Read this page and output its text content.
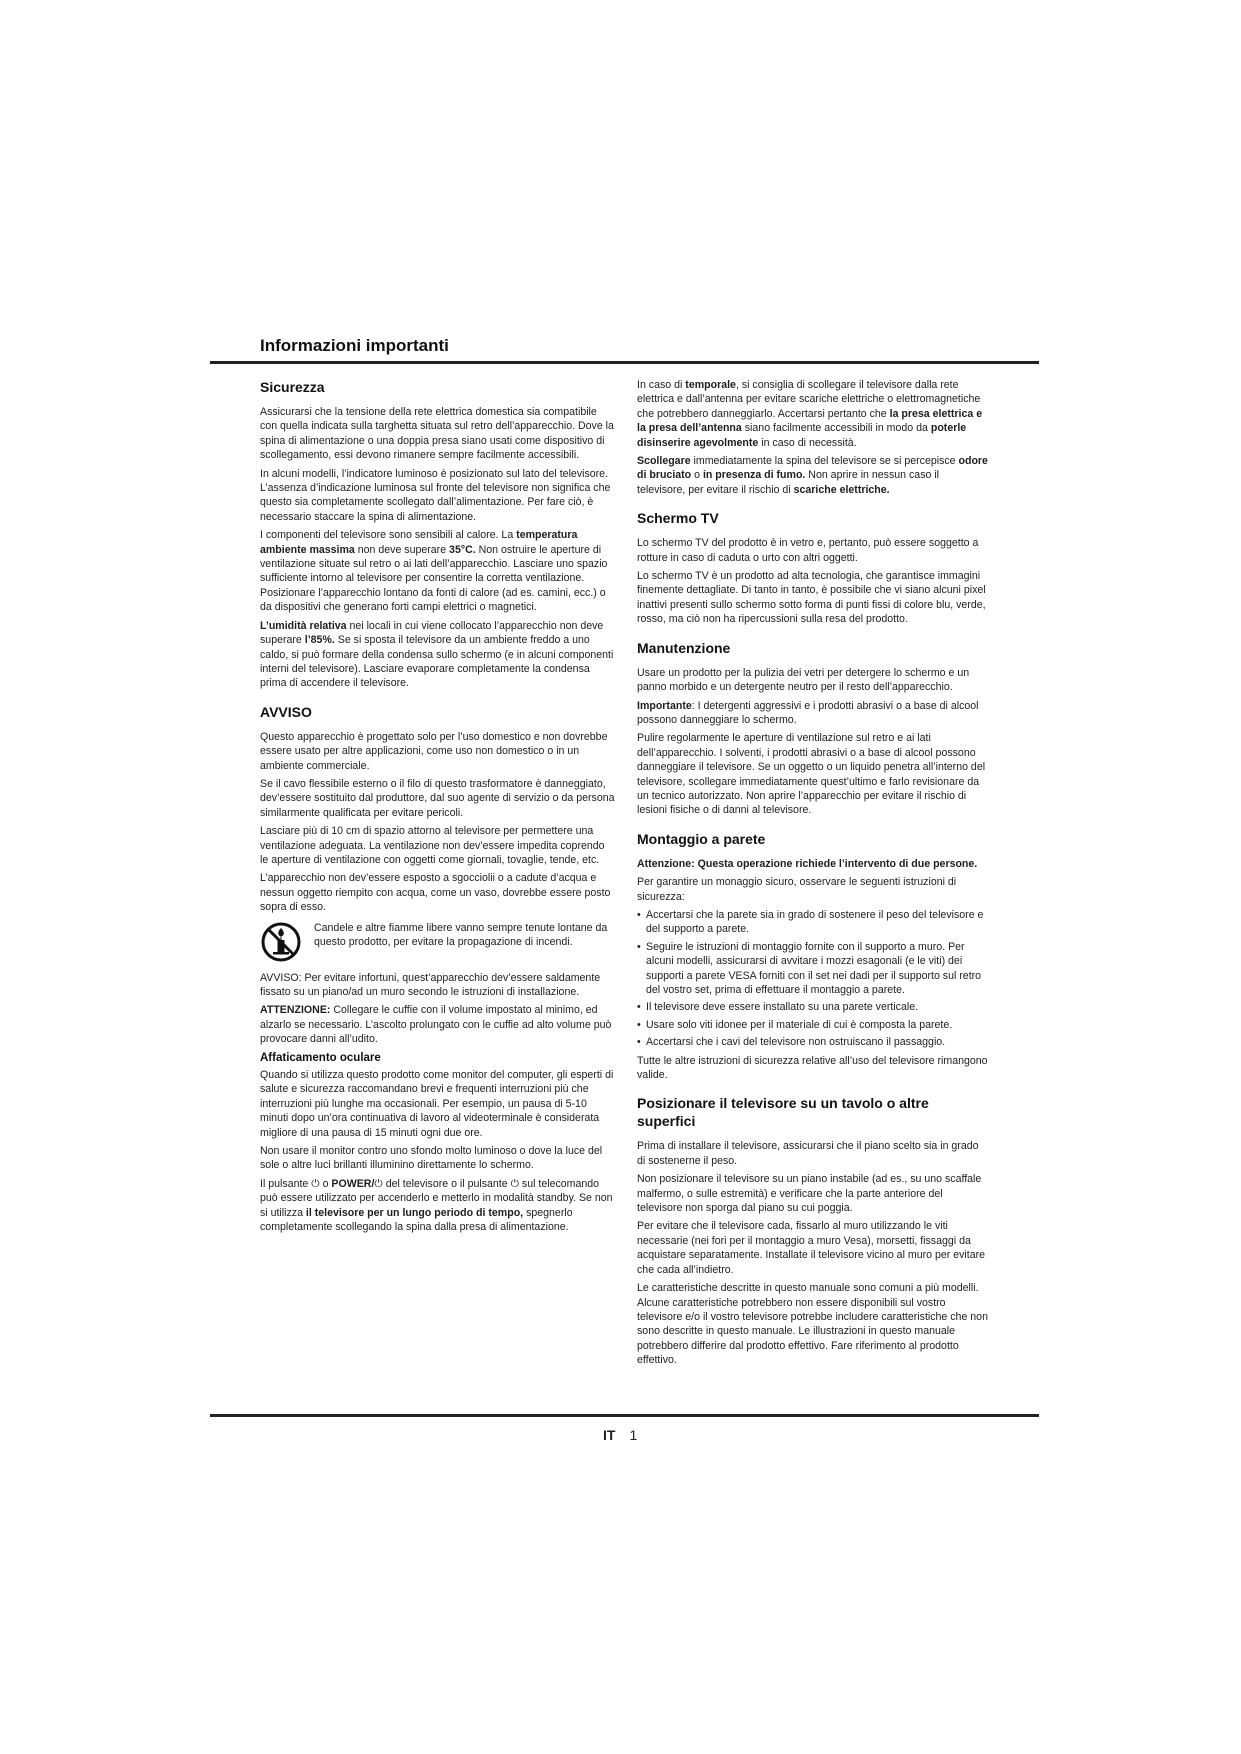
Informazioni importanti
Sicurezza

Assicurarsi che la tensione della rete elettrica domestica sia compatibile con quella indicata sulla targhetta situata sul retro dell’apparecchio. Dove la spina di alimentazione o una doppia presa siano usati come dispositivo di scollegamento, essi devono rimanere sempre facilmente accessibili.

In alcuni modelli, l’indicatore luminoso è posizionato sul lato del televisore. L’assenza d’indicazione luminosa sul fronte del televisore non significa che questo sia completamente scollegato dall’alimentazione. Per fare ciò, è necessario staccare la spina di alimentazione.

I componenti del televisore sono sensibili al calore. La temperatura ambiente massima non deve superare 35°C. Non ostruire le aperture di ventilazione situate sul retro o ai lati dell’apparecchio. Lasciare uno spazio sufficiente intorno al televisore per consentire la corretta ventilazione. Posizionare l’apparecchio lontano da fonti di calore (ad es. camini, ecc.) o da dispositivi che generano forti campi elettrici o magnetici.

L’umidità relativa nei locali in cui viene collocato l’apparecchio non deve superare l’85%. Se si sposta il televisore da un ambiente freddo a uno caldo, si può formare della condensa sullo schermo (e in alcuni componenti interni del televisore). Lasciare evaporare completamente la condensa prima di accendere il televisore.

AVVISO

Questo apparecchio è progettato solo per l’uso domestico e non dovrebbe essere usato per altre applicazioni, come uso non domestico o in un ambiente commerciale.

Se il cavo flessibile esterno o il filo di questo trasformatore è danneggiato, dev’essere sostituito dal produttore, dal suo agente di servizio o da persona similarmente qualificata per evitare pericoli.

Lasciare più di 10 cm di spazio attorno al televisore per permettere una ventilazione adeguata. La ventilazione non dev’essere impedita coprendo le aperture di ventilazione con oggetti come giornali, tovaglie, tende, etc.

L’apparecchio non dev’essere esposto a sgocciolii o a cadute d’acqua e nessun oggetto riempito con acqua, come un vaso, dovrebbe essere posto sopra di esso.

Candele e altre fiamme libere vanno sempre tenute lontane da questo prodotto, per evitare la propagazione di incendi.

AVVISO: Per evitare infortuni, quest’apparecchio dev’essere saldamente fissato su un piano/ad un muro secondo le istruzioni di installazione.

ATTENZIONE: Collegare le cuffie con il volume impostato al minimo, ed alzarlo se necessario. L’ascolto prolungato con le cuffie ad alto volume può provocare danni all’udito.

Affaticamento oculare

Quando si utilizza questo prodotto come monitor del computer, gli esperti di salute e sicurezza raccomandano brevi e frequenti interruzioni più che interruzioni più lunghe ma occasionali. Per esempio, un pausa di 5-10 minuti dopo un’ora continuativa di lavoro al videoterminale è considerata migliore di una pausa di 15 minuti ogni due ore.

Non usare il monitor contro uno sfondo molto luminoso o dove la luce del sole o altre luci brillanti illuminino direttamente lo schermo.

Il pulsante ⏻ o POWER/⏻ del televisore o il pulsante ⏻ sul telecomando può essere utilizzato per accenderlo e metterlo in modalità standby. Se non si utilizza il televisore per un lungo periodo di tempo, spegnerlo completamente scollegando la spina dalla presa di alimentazione.

In caso di temporale, si consiglia di scollegare il televisore dalla rete elettrica e dall’antenna per evitare scariche elettriche o elettromagnetiche che potrebbero danneggiarlo. Accertarsi pertanto che la presa elettrica e la presa dell’antenna siano facilmente accessibili in modo da poterle disinserire agevolmente in caso di necessità.

Scollegare immediatamente la spina del televisore se si percepisce odore di bruciato o in presenza di fumo. Non aprire in nessun caso il televisore, per evitare il rischio di scariche elettriche.

Schermo TV

Lo schermo TV del prodotto è in vetro e, pertanto, può essere soggetto a rotture in caso di caduta o urto con altri oggetti.

Lo schermo TV è un prodotto ad alta tecnologia, che garantisce immagini finemente dettagliate. Di tanto in tanto, è possibile che vi siano alcuni pixel inattivi presenti sullo schermo sotto forma di punti fissi di colore blu, verde, rosso, ma ciò non ha ripercussioni sulla resa del prodotto.

Manutenzione

Usare un prodotto per la pulizia dei vetri per detergere lo schermo e un panno morbido e un detergente neutro per il resto dell’apparecchio.

Importante: I detergenti aggressivi e i prodotti abrasivi o a base di alcool possono danneggiare lo schermo.

Pulire regolarmente le aperture di ventilazione sul retro e ai lati dell’apparecchio. I solventi, i prodotti abrasivi o a base di alcool possono danneggiare il televisore. Se un oggetto o un liquido penetra all’interno del televisore, scollegare immediatamente quest’ultimo e farlo revisionare da un tecnico autorizzato. Non aprire l’apparecchio per evitare il rischio di lesioni fisiche o di danni al televisore.

Montaggio a parete

Attenzione: Questa operazione richiede l’intervento di due persone.

Per garantire un monaggio sicuro, osservare le seguenti istruzioni di sicurezza:

• Accertarsi che la parete sia in grado di sostenere il peso del televisore e del supporto a parete.
• Seguire le istruzioni di montaggio fornite con il supporto a muro. Per alcuni modelli, assicurarsi di avvitare i mozzi esagonali (e le viti) dei supporti a parete VESA forniti con il set nei dadi per il supporto sul retro del vostro set, prima di effettuare il montaggio a parete.
• Il televisore deve essere installato su una parete verticale.
• Usare solo viti idonee per il materiale di cui è composta la parete.
• Accertarsi che i cavi del televisore non ostruiscano il passaggio.

Tutte le altre istruzioni di sicurezza relative all’uso del televisore rimangono valide.

Posizionare il televisore su un tavolo o altre superfici

Prima di installare il televisore, assicurarsi che il piano scelto sia in grado di sostenerne il peso.

Non posizionare il televisore su un piano instabile (ad es., su uno scaffale malfermo, o sulle estremità) e verificare che la parte anteriore del televisore non sporga dal piano su cui poggia.

Per evitare che il televisore cada, fissarlo al muro utilizzando le viti necessarie (nei fori per il montaggio a muro Vesa), morsetti, fissaggi da acquistare separatamente. Installate il televisore vicino al muro per evitare che cada all’indietro.

Le caratteristiche descritte in questo manuale sono comuni a più modelli. Alcune caratteristiche potrebbero non essere disponibili sul vostro televisore e/o il vostro televisore potrebbe includere caratteristiche che non sono descritte in questo manuale. Le illustrazioni in questo manuale potrebbero differire dal prodotto effettivo. Fare riferimento al prodotto effettivo.

IT 1
